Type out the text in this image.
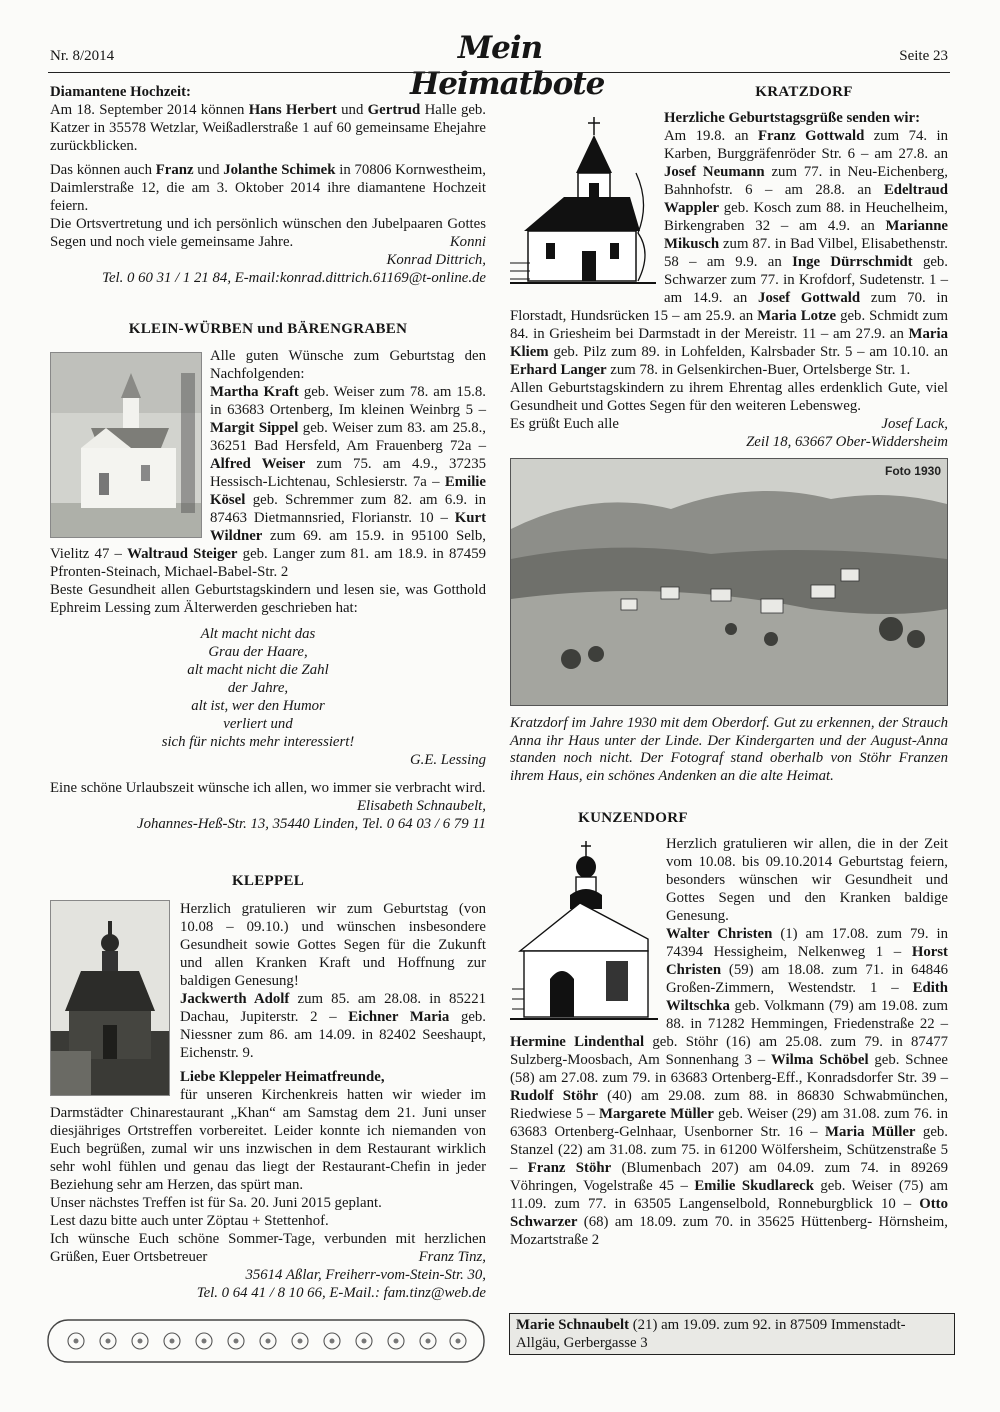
Nr. 8/2014	Mein Heimatbote
Seite 23

Diamantene Hochzeit:

Am 18. September 2014 können Hans Herbert und Gertrud Halle geb. Katzer in 35578 Wetzlar, Weißadlerstraße 1 auf 60 gemeinsame Ehejahre zurückblicken.

Das können auch Franz und Jolanthe Schimek in 70806 Kornwestheim, Daimlerstraße 12, die am 3. Oktober 2014 ihre diamantene Hochzeit feiern.

Die Ortsvertretung und ich persönlich wünschen den Jubelpaaren Gottes Segen und noch viele gemeinsame Jahre.	Konni

Konrad Dittrich,

Tel. 0 60 31 / 1 21 84, E-mail:konrad.dittrich.61169@t-online.de

KLEIN-WÜRBEN und BÄRENGRABEN

Alle guten Wünsche zum Geburtstag den Nachfolgenden:

Martha Kraft geb. Weiser zum 78. am 15.8. in 63683 Ortenberg, Im kleinen Weinbrg 5 – Margit Sippel geb. Weiser zum 83. am 25.8., 36251 Bad Hersfeld, Am Frauenberg 72a – Alfred Weiser zum 75. am 4.9., 37235 Hessisch-Lichtenau, Schlesierstr. 7a – Emilie Kösel geb. Schremmer zum 82. am 6.9. in 87463 Dietmannsried, Florianstr. 10 – Kurt Wildner zum 69. am 15.9. in 95100 Selb, Vielitz 47 – Waltraud Steiger geb. Langer zum 81. am 18.9. in 87459 Pfronten-Steinach, Michael-Babel-Str. 2

Beste Gesundheit allen Geburtstagskindern und lesen sie, was Gotthold Ephreim Lessing zum Älterwerden geschrieben hat:

Alt macht nicht das

Grau der Haare,

alt macht nicht die Zahl

der Jahre,

alt ist, wer den Humor

verliert und

sich für nichts mehr interessiert!

G.E. Lessing

Eine schöne Urlaubszeit wünsche ich allen, wo immer sie verbracht wird.
Elisabeth Schnaubelt,

Johannes-Heß-Str. 13, 35440 Linden, Tel. 0 64 03 / 6 79 11

KLEPPEL

Herzlich gratulieren wir zum Geburtstag (von 10.08 – 09.10.) und wünschen insbesondere Gesundheit sowie Gottes Segen für die Zukunft und allen Kranken Kraft und Hoffnung zur baldigen Genesung!

Jackwerth Adolf zum 85. am 28.08. in 85221 Dachau, Jupiterstr. 2 – Eichner Maria geb. Niessner zum 86. am 14.09. in 82402 Seeshaupt, Eichenstr. 9.

Liebe Kleppeler Heimatfreunde,

für unseren Kirchenkreis hatten wir wieder im Darmstädter Chinarestaurant „Khan“ am Samstag dem 21. Juni unser diesjähriges Ortstreffen vorbereitet. Leider konnte ich niemanden von Euch begrüßen, zumal wir uns inzwischen in dem Restaurant wirklich sehr wohl fühlen und genau das liegt der Restaurant-Chefin in jeder Beziehung sehr am Herzen, das spürt man.

Unser nächstes Treffen ist für Sa. 20. Juni 2015 geplant.

Lest dazu bitte auch unter Zöptau + Stettenhof.

Ich wünsche Euch schöne Sommer-Tage, verbunden mit herzlichen Grüßen, Euer Ortsbetreuer	Franz Tinz,

35614 Aßlar, Freiherr-vom-Stein-Str. 30,

Tel. 0 64 41 / 8 10 66, E-Mail.: fam.tinz@web.de

KRATZDORF

Herzliche Geburtstagsgrüße senden wir:

Am 19.8. an Franz Gottwald zum 74. in Karben, Burggräfenröder Str. 6 – am 27.8. an Josef Neumann zum 77. in Neu-Eichenberg, Bahnhofstr. 6 – am 28.8. an Edeltraud Wappler geb. Kosch zum 88. in Heuchelheim, Birkengraben 32 – am 4.9. an Marianne Mikusch zum 87. in Bad Vilbel, Elisabethenstr. 58 – am 9.9. an Inge Dürrschmidt geb. Schwarzer zum 77. in Krofdorf, Sudetenstr. 1 – am 14.9. an Josef Gottwald zum 70. in Florstadt, Hundsrücken 15 – am 25.9. an Maria Lotze geb. Schmidt zum 84. in Griesheim bei Darmstadt in der Mereistr. 11 – am 27.9. an Maria Kliem geb. Pilz zum 89. in Lohfelden, Kalrsbader Str. 5 – am 10.10. an Erhard Langer zum 78. in Gelsenkirchen-Buer, Ortelsberge Str. 1.

Allen Geburtstagskindern zu ihrem Ehrentag alles erdenklich Gute, viel Gesundheit und Gottes Segen für den weiteren Lebensweg.

Es grüßt Euch alle	Josef Lack,

Zeil 18, 63667 Ober-Widdersheim

Foto 1930

Kratzdorf im Jahre 1930 mit dem Oberdorf. Gut zu erkennen, der Strauch Anna ihr Haus unter der Linde. Der Kindergarten und der August-Anna standen noch nicht. Der Fotograf stand oberhalb von Stöhr Franzen ihrem Haus, ein schönes Andenken an die alte Heimat.

KUNZENDORF

Herzlich gratulieren wir allen, die in der Zeit vom 10.08. bis 09.10.2014 Geburtstag feiern, besonders wünschen wir Gesundheit und Gottes Segen und den Kranken baldige Genesung.

Walter Christen (1) am 17.08. zum 79. in 74394 Hessigheim, Nelkenweg 1 – Horst Christen (59) am 18.08. zum 71. in 64846 Großen-Zimmern, Westendstr. 1 – Edith Wiltschka geb. Volkmann (79) am 19.08. zum 88. in 71282 Hemmingen, Friedenstraße 22 – Hermine Lindenthal geb. Stöhr (16) am 25.08. zum 79. in 87477 Sulzberg-Moosbach, Am Sonnenhang 3 – Wilma Schöbel geb. Schnee (58) am 27.08. zum 79. in 63683 Ortenberg-Eff., Konradsdorfer Str. 39 – Rudolf Stöhr (40) am 29.08. zum 88. in 86830 Schwabmünchen, Riedwiese 5 – Margarete Müller geb. Weiser (29) am 31.08. zum 76. in 63683 Ortenberg-Gelnhaar, Usenborner Str. 16 – Maria Müller geb. Stanzel (22) am 31.08. zum 75. in 61200 Wölfersheim, Schützenstraße 5 – Franz Stöhr (Blumenbach 207) am 04.09. zum 74. in 89269 Vöhringen, Vogelstraße 45 – Emilie Skudlareck geb. Weiser (75) am 11.09. zum 77. in 63505 Langenselbold, Ronneburgblick 10 – Otto Schwarzer (68) am 18.09. zum 70. in 35625 Hüttenberg- Hörnsheim, Mozartstraße 2

Marie Schnaubelt (21) am 19.09. zum 92. in 87509 Immenstadt-Allgäu, Gerbergasse 3
